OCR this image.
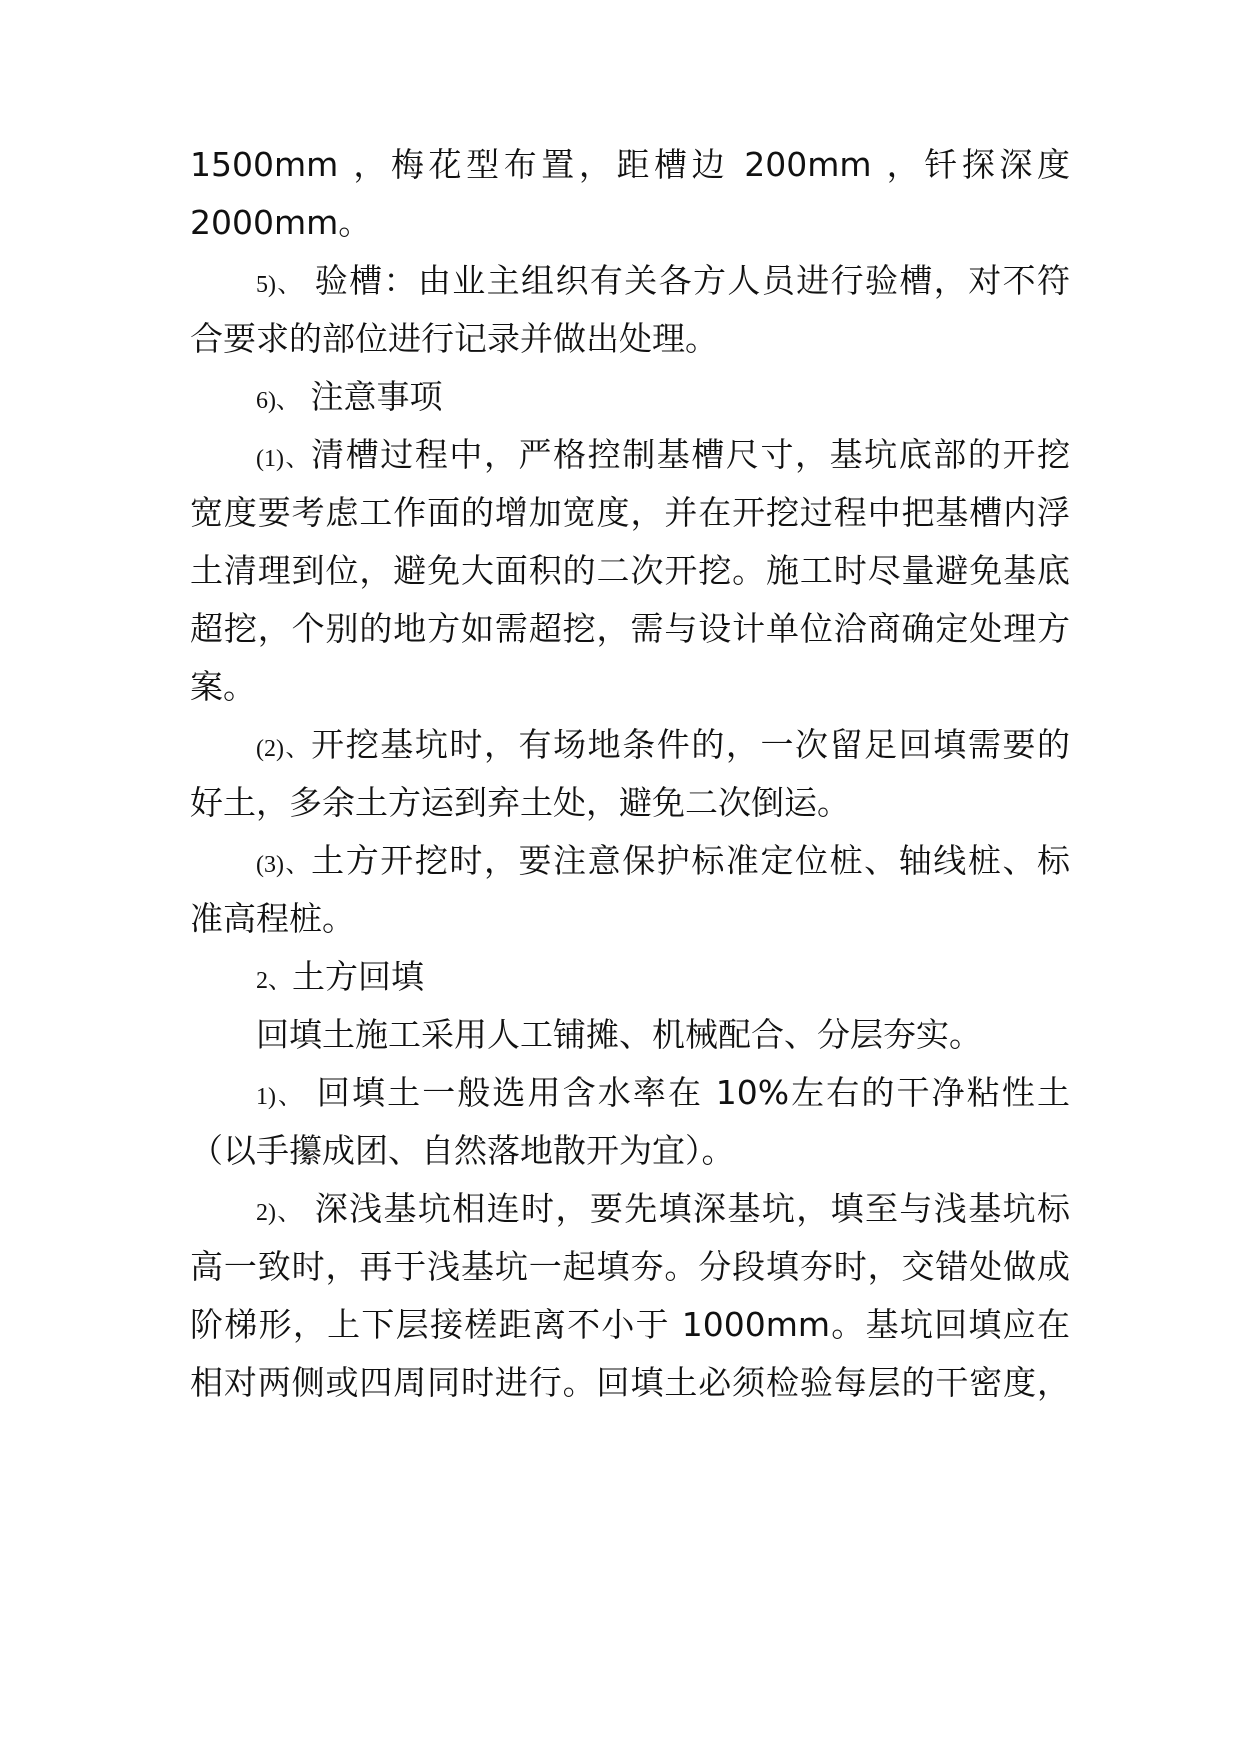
1500mm ，梅花型布置，距槽边 200mm ，钎探深度

2000mm。

5)、 验槽：由业主组织有关各方人员进行验槽，对不符

合要求的部位进行记录并做出处理。

6)、 注意事项

(1)、清槽过程中，严格控制基槽尺寸，基坑底部的开挖

宽度要考虑工作面的增加宽度，并在开挖过程中把基槽内浮

土清理到位，避免大面积的二次开挖。施工时尽量避免基底

超挖，个别的地方如需超挖，需与设计单位洽商确定处理方

案。

(2)、开挖基坑时，有场地条件的，一次留足回填需要的

好土，多余土方运到弃土处，避免二次倒运。

(3)、土方开挖时，要注意保护标准定位桩、轴线桩、标

准高程桩。

2、土方回填

回填土施工采用人工铺摊、机械配合、分层夯实。

1)、 回填土一般选用含水率在 10%左右的干净粘性土

（以手攥成团、自然落地散开为宜）。

2)、 深浅基坑相连时，要先填深基坑，填至与浅基坑标

高一致时，再于浅基坑一起填夯。分段填夯时，交错处做成

阶梯形，上下层接槎距离不小于 1000mm。基坑回填应在

相对两侧或四周同时进行。回填土必须检验每层的干密度，
